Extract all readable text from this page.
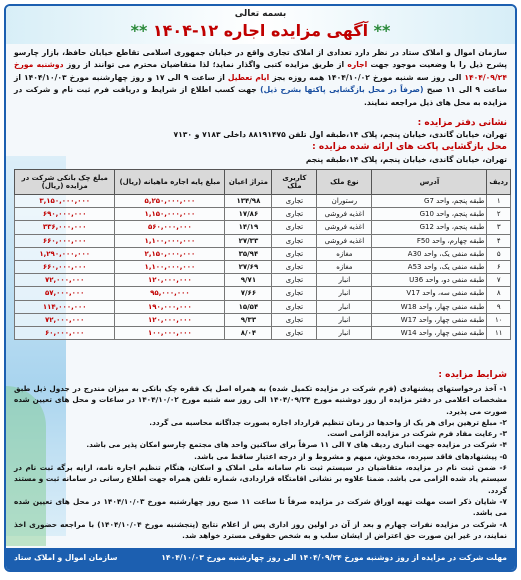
بسمه تعالی
** آگهی مزایده اجاره ۱۲-۱۴۰۴ **
سازمان اموال و املاک ستاد در نظر دارد تعدادی از املاک تجاری واقع در خیابان جمهوری اسلامی تقاطع خیابان حافظ، بازار چارسو پشرح ذیل را با وضعیت موجود جهت اجاره از طریق مزایده کتبی واگذار نماید؛ لذا متقاضیان محترم می توانند از روز دوشنبه مورخ ۱۴۰۴/۰۹/۲۴ الی روز سه شنبه مورخ ۱۴۰۴/۱۰/۰۲ همه روزه بجز ایام تعطیل از ساعت ۹ الی ۱۷ و روز چهارشنبه مورخ ۱۴۰۴/۱۰/۰۳ از ساعت ۹ الی ۱۱ صبح (صرفاً در محل بازگشایی پاکتها بشرح ذیل) جهت کسب اطلاع از شرایط و دریافت فرم ثبت نام و شرکت در مزایده به محل های ذیل مراجعه نمایند.
نشانی دفتر مزایده :
تهران، خیابان گاندی، خیابان پنجم، پلاک ۱۴،طبقه اول تلفن ۸۸۱۹۱۴۷۵ داخلی ۷۱۸۳ و ۷۱۳۰
محل بازگشایی پاکت های ارائه شده مزایده :
تهران، خیابان گاندی، خیابان پنجم، پلاک ۱۴،طبقه پنجم
ردیف	آدرس	نوع ملک	کاربری ملک	متراژ اعیان	مبلغ پایه اجاره ماهیانه (ریال)	مبلغ چک بانکی شرکت در مزایده (ریال)
۱	طبقه پنجم، واحد G7	رستوران	تجاری	۱۳۴/۹۸	۵,۲۵۰,۰۰۰,۰۰۰	۳,۱۵۰,۰۰۰,۰۰۰
۲	طبقه پنجم، واحد G10	اغذیه فروشی	تجاری	۱۷/۸۶	۱,۱۵۰,۰۰۰,۰۰۰	۶۹۰,۰۰۰,۰۰۰
۳	طبقه پنجم، واحد G12	اغذیه فروشی	تجاری	۱۴/۱۹	۵۶۰,۰۰۰,۰۰۰	۳۳۶,۰۰۰,۰۰۰
۴	طبقه چهارم، واحد F50	اغذیه فروشی	تجاری	۲۷/۳۳	۱,۱۰۰,۰۰۰,۰۰۰	۶۶۰,۰۰۰,۰۰۰
۵	طبقه منفی یک، واحد A30	مغازه	تجاری	۳۵/۹۴	۲,۱۵۰,۰۰۰,۰۰۰	۱,۲۹۰,۰۰۰,۰۰۰
۶	طبقه منفی یک، واحد A53	مغازه	تجاری	۲۷/۶۹	۱,۱۰۰,۰۰۰,۰۰۰	۶۶۰,۰۰۰,۰۰۰
۷	طبقه منفی دو، واحد U36	انبار	تجاری	۹/۷۱	۱۲۰,۰۰۰,۰۰۰	۷۲,۰۰۰,۰۰۰
۸	طبقه منفی سه، واحد V17	انبار	تجاری	۷/۶۶	۹۵,۰۰۰,۰۰۰	۵۷,۰۰۰,۰۰۰
۹	طبقه منفی چهار، واحد W18	انبار	تجاری	۱۵/۵۴	۱۹۰,۰۰۰,۰۰۰	۱۱۴,۰۰۰,۰۰۰
۱۰	طبقه منفی چهار، واحد W17	انبار	تجاری	۹/۳۳	۱۲۰,۰۰۰,۰۰۰	۷۲,۰۰۰,۰۰۰
۱۱	طبقه منفی چهار، واحد W14	انبار	تجاری	۸/۰۴	۱۰۰,۰۰۰,۰۰۰	۶۰,۰۰۰,۰۰۰
شرایط مزایده :

۱- آخذ درخواستهای پیشنهادی (فرم شرکت در مزایده تکمیل شده) به همراه اصل یک فقره چک بانکی به میزان مندرج در جدول ذیل طبق مشخصات اعلامی در دفتر مزایده از روز دوشنبه مورخ ۱۴۰۴/۰۹/۲۴ الی روز سه شنبه مورخ ۱۴۰۴/۱۰/۰۲ در ساعات و محل های تعیین شده صورت می پذیرد.

۲- مبلغ ترهین برای هر یک از واحدها در زمان تنظیم قرارداد اجاره بصورت جداگانه محاسبه می گردد.

۳- رعایت مفاد فرم شرکت در مزایده الزامی است.

۴- شرکت در مزایده جهت انباری ردیف های ۷ الی ۱۱ صرفاً برای ساکنین واحد های مجتمع چارسو امکان پذیر می باشد.

۵- پیشنهادهای فاقد سپرده، مخدوش، مبهم و مشروط و از درجه اعتبار ساقط می باشد.

۶- ضمن ثبت نام در مزایده، متقاضیان در سیستم ثبت نام سامانه ملی املاک و اسکان، هنگام تنظیم اجاره نامه، ارایه برگه ثبت نام در سیستم یاد شده الزامی می باشد. ضمنا علاوه بر نشانی اقامتگاه قراردادی، شماره تلفن همراه جهت اطلاع رسانی در سامانه ثبت و مستند گردد.

۷- شایان ذکر است مهلت تهیه اوراق شرکت در مزایده صرفاً تا ساعت ۱۱ صبح روز چهارشنبه مورخ ۱۴۰۴/۱۰/۰۳ در محل های تعیین شده می باشد.

۸- شرکت در مزایده نفرات چهارم و بعد از آن در اولین روز اداری پس از اعلام نتایج (پنجشنبه مورخ ۱۴۰۴/۱۰/۰۴) با مراجعه حضوری اخذ نمایند، در غیر این صورت حق اعتراض از ایشان سلب و به شخص حقوقی مسترد خواهد شد.

مهلت شرکت در مزایده از روز دوشنبه مورخ ۱۴۰۴/۰۹/۲۴ الی روز چهارشنبه مورخ ۱۴۰۴/۱۰/۰۳
سازمان اموال و املاک ستاد
